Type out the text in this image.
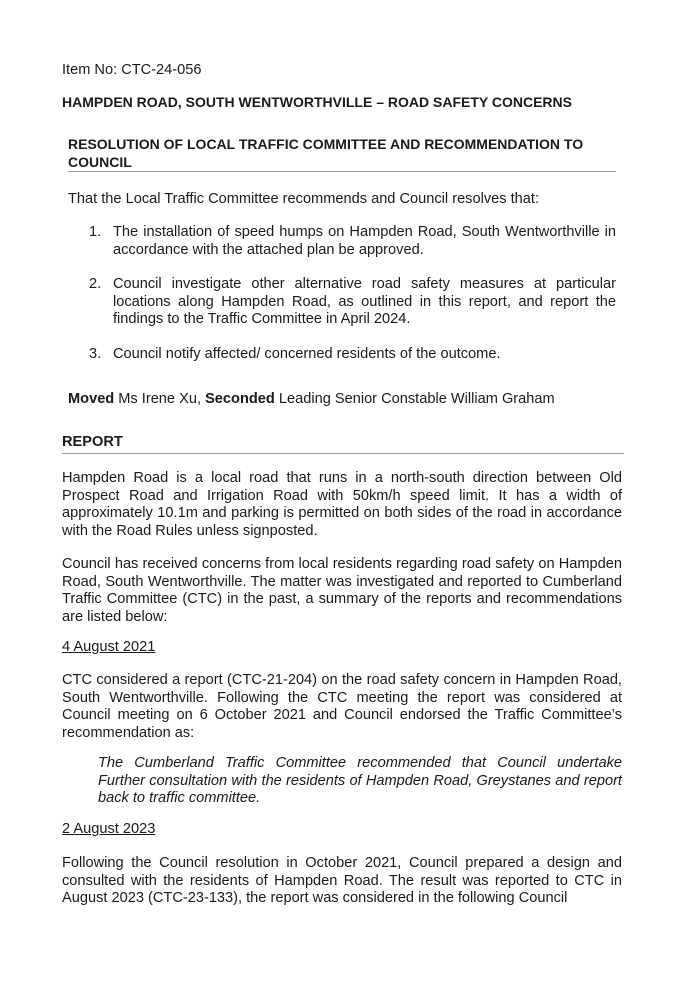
Item No: CTC-24-056
HAMPDEN ROAD, SOUTH WENTWORTHVILLE – ROAD SAFETY CONCERNS
RESOLUTION OF LOCAL TRAFFIC COMMITTEE AND RECOMMENDATION TO COUNCIL
That the Local Traffic Committee recommends and Council resolves that:
1. The installation of speed humps on Hampden Road, South Wentworthville in accordance with the attached plan be approved.
2. Council investigate other alternative road safety measures at particular locations along Hampden Road, as outlined in this report, and report the findings to the Traffic Committee in April 2024.
3. Council notify affected/ concerned residents of the outcome.
Moved Ms Irene Xu, Seconded Leading Senior Constable William Graham
REPORT
Hampden Road is a local road that runs in a north-south direction between Old Prospect Road and Irrigation Road with 50km/h speed limit. It has a width of approximately 10.1m and parking is permitted on both sides of the road in accordance with the Road Rules unless signposted.
Council has received concerns from local residents regarding road safety on Hampden Road, South Wentworthville. The matter was investigated and reported to Cumberland Traffic Committee (CTC) in the past, a summary of the reports and recommendations are listed below:
4 August 2021
CTC considered a report (CTC-21-204) on the road safety concern in Hampden Road, South Wentworthville. Following the CTC meeting the report was considered at Council meeting on 6 October 2021 and Council endorsed the Traffic Committee’s recommendation as:
The Cumberland Traffic Committee recommended that Council undertake Further consultation with the residents of Hampden Road, Greystanes and report back to traffic committee.
2 August 2023
Following the Council resolution in October 2021, Council prepared a design and consulted with the residents of Hampden Road. The result was reported to CTC in August 2023 (CTC-23-133), the report was considered in the following Council
